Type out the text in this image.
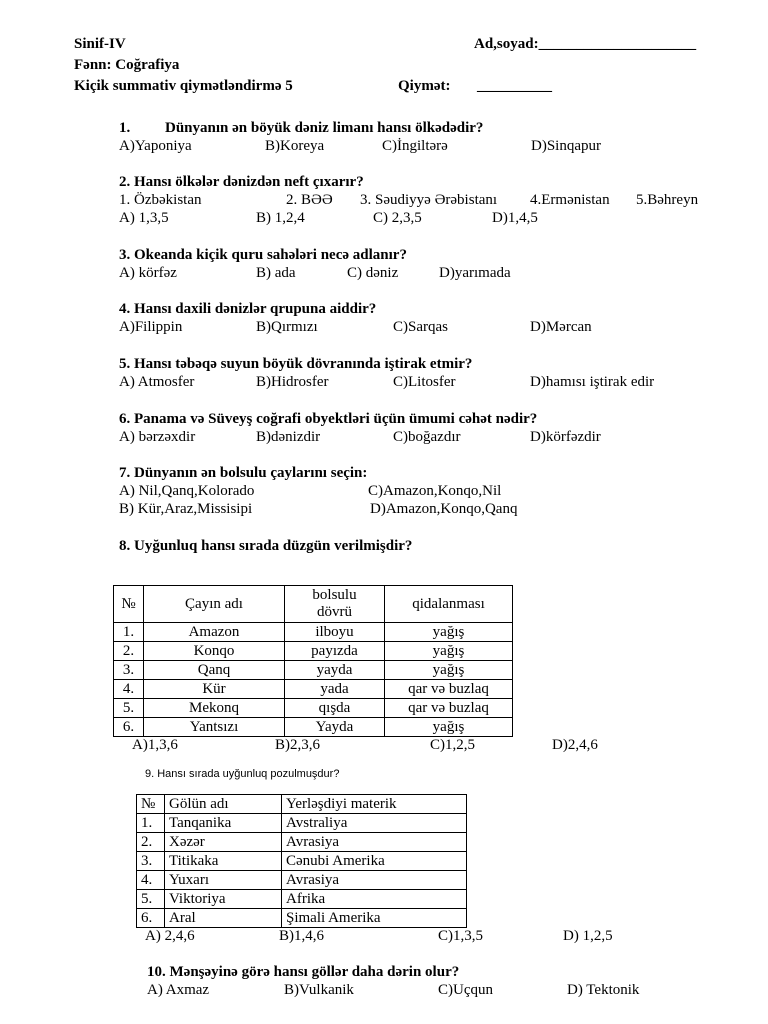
Sinif-IV	Ad,soyad:_____________________
Fənn: Coğrafiya
Kiçik summativ qiymətləndirmə 5	Qiymət: __________
1. Dünyanın ən böyük dəniz limanı hansı ölkədədir?
A)Yaponiya	B)Koreya	C)İngiltərə	D)Sinqapur
2. Hansı ölkələr dənizdən neft çıxarır?
1. Özbəkistan	2. BƏƏ 3. Səudiyyə Ərəbistanı 4.Ermənistan 5.Bəhreyn
A) 1,3,5	B) 1,2,4	C) 2,3,5	D)1,4,5
3. Okeanda kiçik quru sahələri necə adlanır?
A) körfəz	B) ada	C) dəniz	D)yarımada
4. Hansı daxili dənizlər qrupuna aiddir?
A)Filippin	B)Qırmızı	C)Sarqas	D)Mərcan
5. Hansı təbəqə suyun böyük dövranında iştirak etmir?
A) Atmosfer	B)Hidrosfer	C)Litosfer	D)hamısı iştirak edir
6. Panama və Süveyş coğrafi obyektləri üçün ümumi cəhət nədir?
A) bərzəxdir	B)dənizdir	C)boğazdır	D)körfəzdir
7. Dünyanın ən bolsulu çaylarını seçin:
A) Nil,Qanq,Kolorado	C)Amazon,Konqo,Nil
B) Kür,Araz,Missisipi	D)Amazon,Konqo,Qanq
8. Uyğunluq hansı sırada düzgün verilmişdir?
№	Çayın adı	bolsulu dövrü	qidalanması
1.	Amazon	ilboyu	yağış
2.	Konqo	payızda	yağış
3.	Qanq	yayda	yağış
4.	Kür	yada	qar və buzlaq
5.	Mekonq	qışda	qar və buzlaq
6.	Yantsızı	Yayda	yağış
A)1,3,6	B)2,3,6	C)1,2,5	D)2,4,6
9. Hansı sırada uyğunluq pozulmuşdur?
№	Gölün adı	Yerləşdiyi materik
1.	Tanqanika	Avstraliya
2.	Xəzər	Avrasiya
3.	Titikaka	Cənubi Amerika
4.	Yuxarı	Avrasiya
5.	Viktoriya	Afrika
6.	Aral	Şimali Amerika
A) 2,4,6	B)1,4,6	C)1,3,5	D) 1,2,5
10. Mənşəyinə görə hansı göllər daha dərin olur?
A) Axmaz	B)Vulkanik	C)Uçqun	D) Tektonik
